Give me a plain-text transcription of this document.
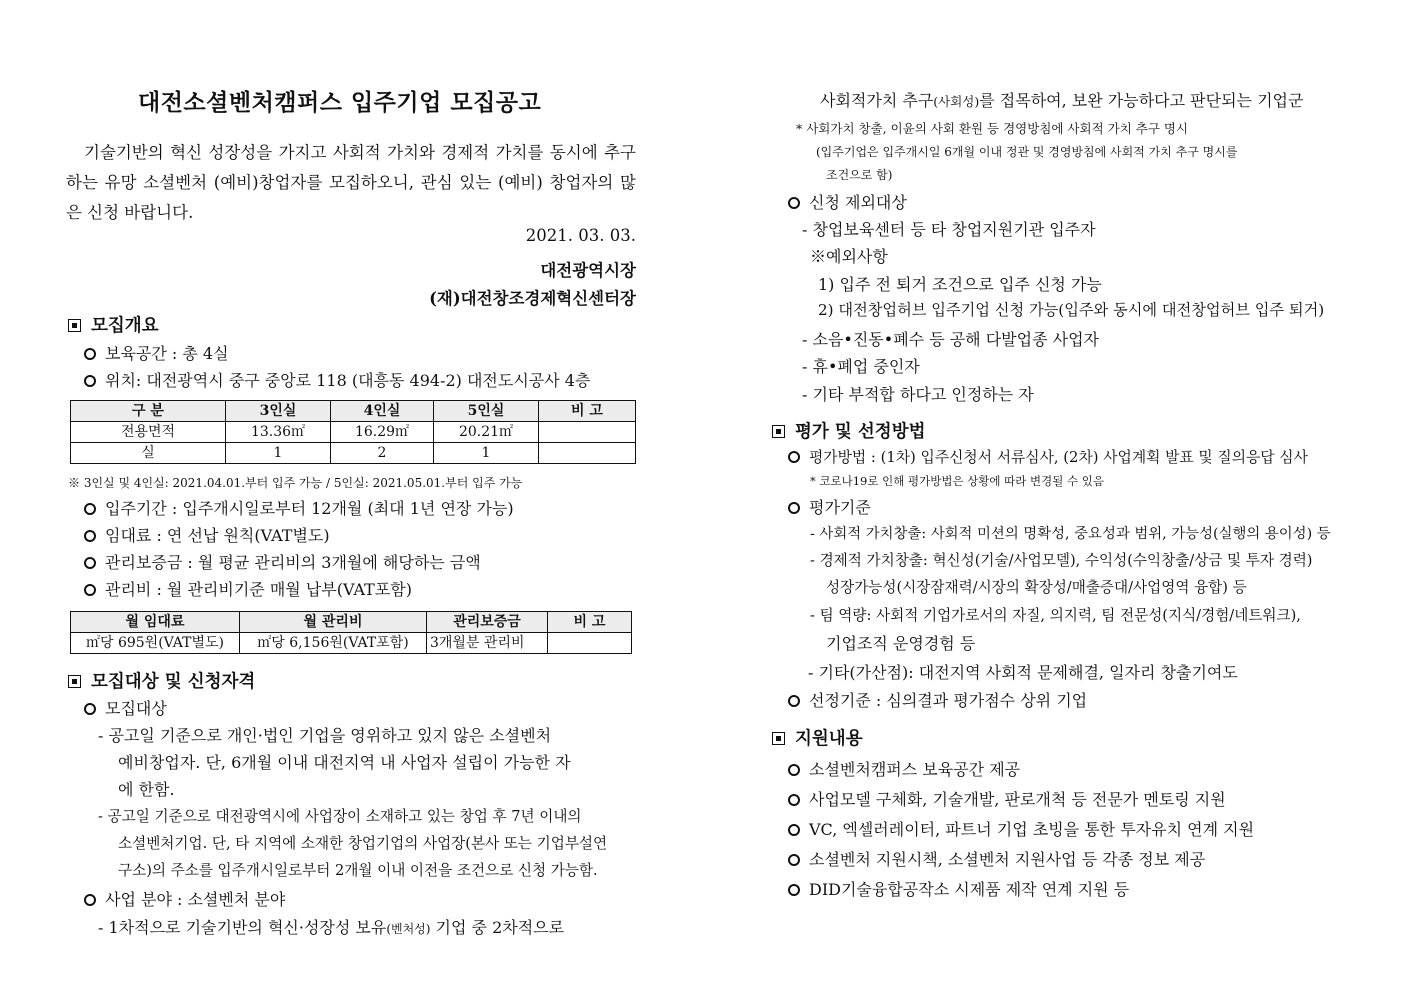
대전소셜벤처캠퍼스 입주기업 모집공고
기술기반의 혁신 성장성을 가지고 사회적 가치와 경제적 가치를 동시에 추구하는 유망 소셜벤처 (예비)창업자를 모집하오니, 관심 있는 (예비) 창업자의 많은 신청 바랍니다.
2021. 03. 03.
대전광역시장
(재)대전창조경제혁신센터장
모집개요
보육공간 : 총 4실
위치: 대전광역시 중구 중앙로 118 (대흥동 494-2) 대전도시공사 4층
구 분	3인실	4인실	5인실	비 고
전용면적	13.36㎡	16.29㎡	20.21㎡	
실	1	2	1	
※ 3인실 및 4인실: 2021.04.01.부터 입주 가능 / 5인실: 2021.05.01.부터 입주 가능
입주기간 : 입주개시일로부터 12개월 (최대 1년 연장 가능)
임대료 : 연 선납 원칙(VAT별도)
관리보증금 : 월 평균 관리비의 3개월에 해당하는 금액
관리비 : 월 관리비기준 매월 납부(VAT포함)
월 임대료	월 관리비	관리보증금	비 고
㎡당 695원(VAT별도)	㎡당 6,156원(VAT포함)	3개월분 관리비	
모집대상 및 신청자격
모집대상
- 공고일 기준으로 개인·법인 기업을 영위하고 있지 않은 소셜벤처
예비창업자. 단, 6개월 이내 대전지역 내 사업자 설립이 가능한 자
에 한함.
- 공고일 기준으로 대전광역시에 사업장이 소재하고 있는 창업 후 7년 이내의
소셜벤처기업. 단, 타 지역에 소재한 창업기업의 사업장(본사 또는 기업부설연
구소)의 주소를 입주개시일로부터 2개월 이내 이전을 조건으로 신청 가능함.
사업 분야 : 소셜벤처 분야
- 1차적으로 기술기반의 혁신·성장성 보유(벤처성) 기업 중 2차적으로
사회적가치 추구(사회성)를 접목하여, 보완 가능하다고 판단되는 기업군
* 사회가치 창출, 이윤의 사회 환원 등 경영방침에 사회적 가치 추구 명시
(입주기업은 입주개시일 6개월 이내 정관 및 경영방침에 사회적 가치 추구 명시를
조건으로 함)
신청 제외대상
- 창업보육센터 등 타 창업지원기관 입주자
※예외사항
1) 입주 전 퇴거 조건으로 입주 신청 가능
2) 대전창업허브 입주기업 신청 가능(입주와 동시에 대전창업허브 입주 퇴거)
- 소음•진동•폐수 등 공해 다발업종 사업자
- 휴•폐업 중인자
- 기타 부적합 하다고 인정하는 자
평가 및 선정방법
평가방법 : (1차) 입주신청서 서류심사, (2차) 사업계획 발표 및 질의응답 심사
* 코로나19로 인해 평가방법은 상황에 따라 변경될 수 있음
평가기준
- 사회적 가치창출: 사회적 미션의 명확성, 중요성과 범위, 가능성(실행의 용이성) 등
- 경제적 가치창출: 혁신성(기술/사업모델), 수익성(수익창출/상금 및 투자 경력)
성장가능성(시장잠재력/시장의 확장성/매출증대/사업영역 융합) 등
- 팀 역량: 사회적 기업가로서의 자질, 의지력, 팀 전문성(지식/경험/네트워크),
기업조직 운영경험 등
- 기타(가산점): 대전지역 사회적 문제해결, 일자리 창출기여도
선정기준 : 심의결과 평가점수 상위 기업
지원내용
소셜벤처캠퍼스 보육공간 제공
사업모델 구체화, 기술개발, 판로개척 등 전문가 멘토링 지원
VC, 엑셀러레이터, 파트너 기업 초빙을 통한 투자유치 연계 지원
소셜벤처 지원시책, 소셜벤처 지원사업 등 각종 정보 제공
DID기술융합공작소 시제품 제작 연계 지원 등
